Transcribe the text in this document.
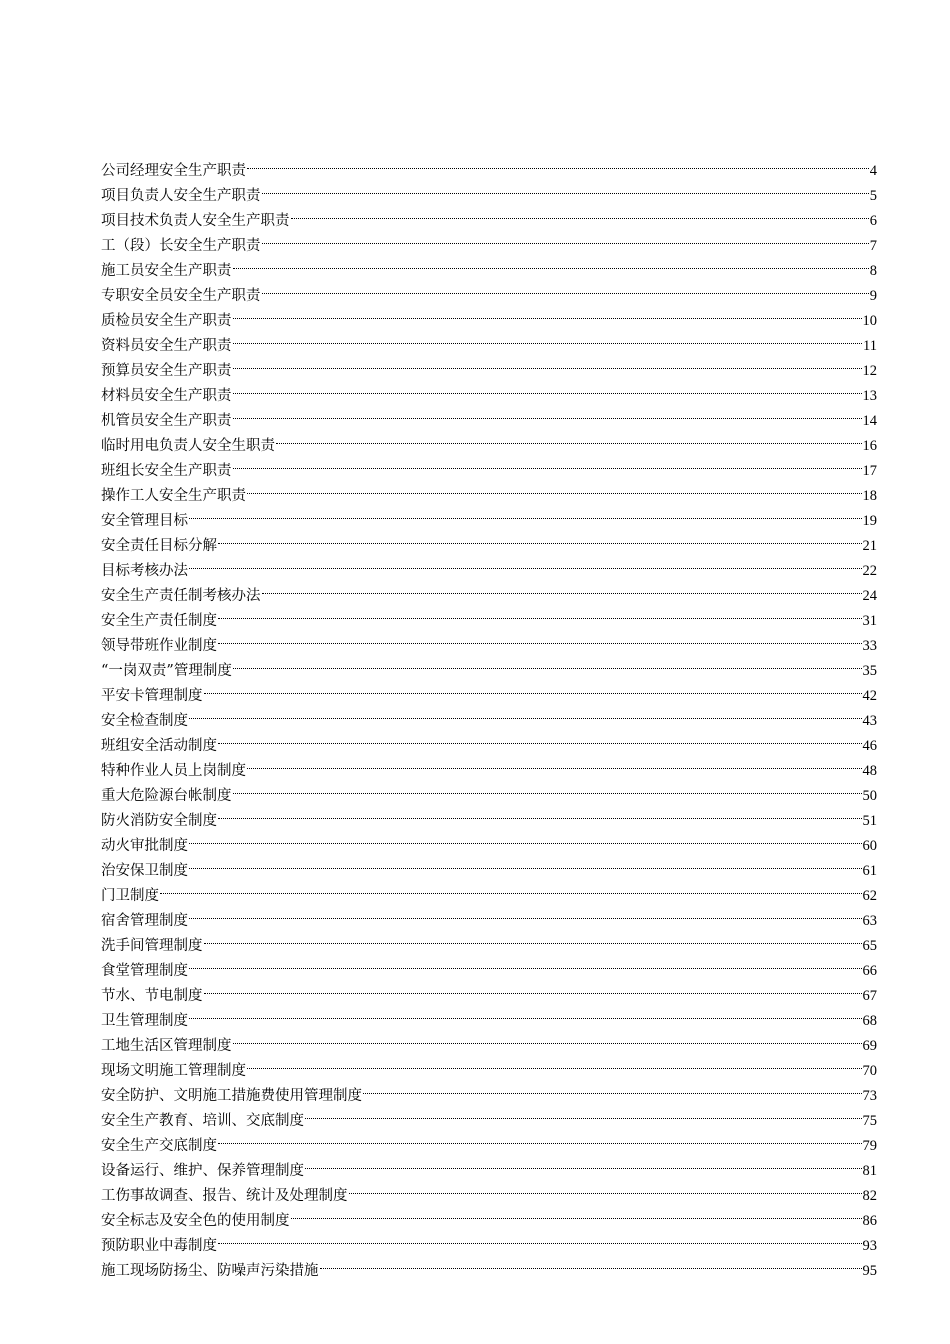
公司经理安全生产职责	4
项目负责人安全生产职责	5
项目技术负责人安全生产职责	6
工（段）长安全生产职责	7
施工员安全生产职责	8
专职安全员安全生产职责	9
质检员安全生产职责	10
资料员安全生产职责	11
预算员安全生产职责	12
材料员安全生产职责	13
机管员安全生产职责	14
临时用电负责人安全生职责	16
班组长安全生产职责	17
操作工人安全生产职责	18
安全管理目标	19
安全责任目标分解	21
目标考核办法	22
安全生产责任制考核办法	24
安全生产责任制度	31
领导带班作业制度	33
“一岗双责”管理制度	35
平安卡管理制度	42
安全检查制度	43
班组安全活动制度	46
特种作业人员上岗制度	48
重大危险源台帐制度	50
防火消防安全制度	51
动火审批制度	60
治安保卫制度	61
门卫制度	62
宿舍管理制度	63
洗手间管理制度	65
食堂管理制度	66
节水、节电制度	67
卫生管理制度	68
工地生活区管理制度	69
现场文明施工管理制度	70
安全防护、文明施工措施费使用管理制度	73
安全生产教育、培训、交底制度	75
安全生产交底制度	79
设备运行、维护、保养管理制度	81
工伤事故调查、报告、统计及处理制度	82
安全标志及安全色的使用制度	86
预防职业中毒制度	93
施工现场防扬尘、防噪声污染措施	95
